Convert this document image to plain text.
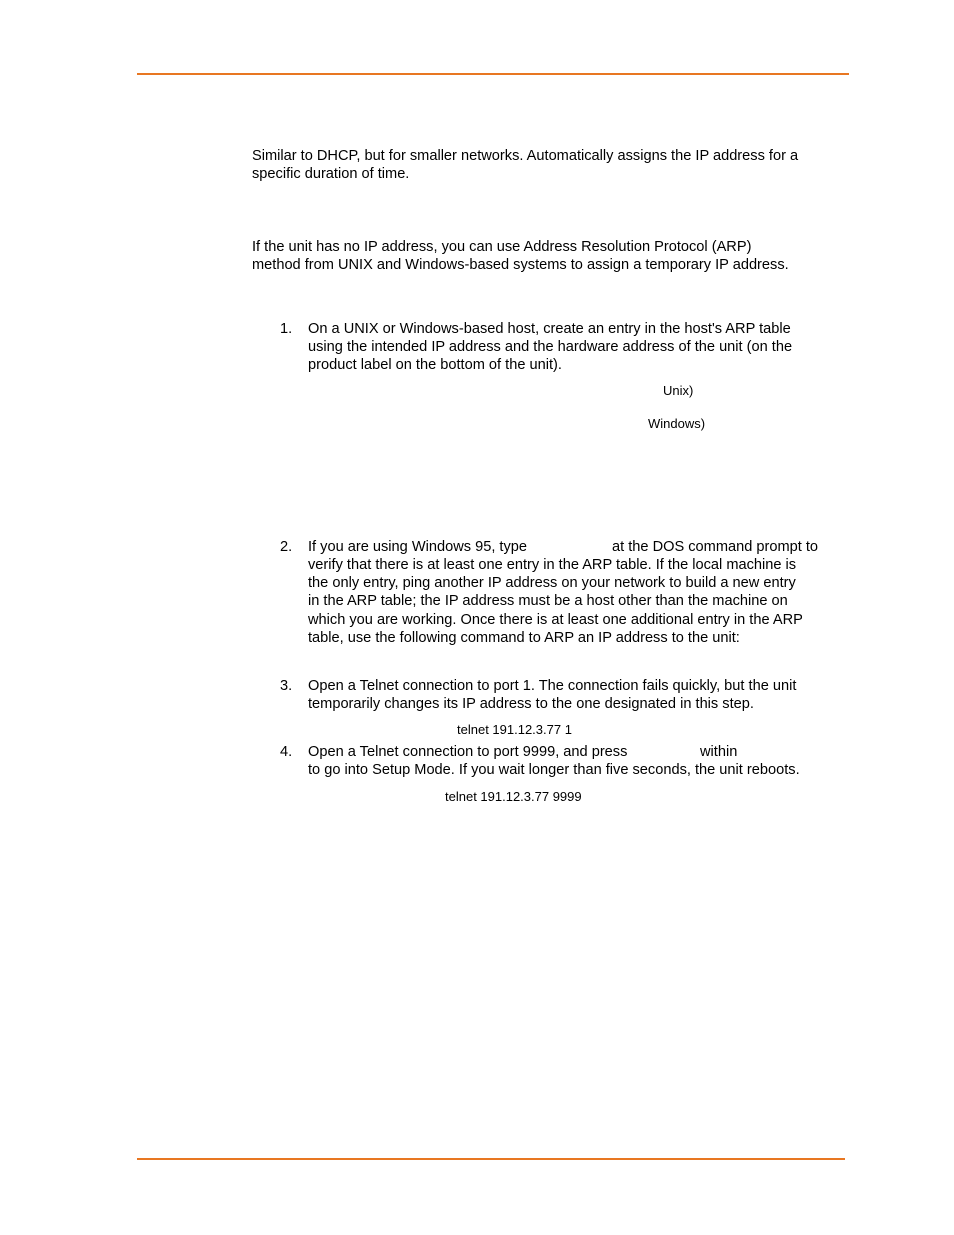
Similar to DHCP, but for smaller networks. Automatically assigns the IP address for a
specific duration of time.

If the unit has no IP address, you can use Address Resolution Protocol (ARP)
method from UNIX and Windows-based systems to assign a temporary IP address.

1. On a UNIX or Windows-based host, create an entry in the host's ARP table
using the intended IP address and the hardware address of the unit (on the
product label on the bottom of the unit).
Unix)
Windows)
2. If you are using Windows 95, type	at the DOS command prompt to
verify that there is at least one entry in the ARP table. If the local machine is
the only entry, ping another IP address on your network to build a new entry
in the ARP table; the IP address must be a host other than the machine on
which you are working. Once there is at least one additional entry in the ARP
table, use the following command to ARP an IP address to the unit:
3. Open a Telnet connection to port 1. The connection fails quickly, but the unit
temporarily changes its IP address to the one designated in this step.
telnet 191.12.3.77 1
4. Open a Telnet connection to port 9999, and press	within
to go into Setup Mode. If you wait longer than five seconds, the unit reboots.
telnet 191.12.3.77 9999
